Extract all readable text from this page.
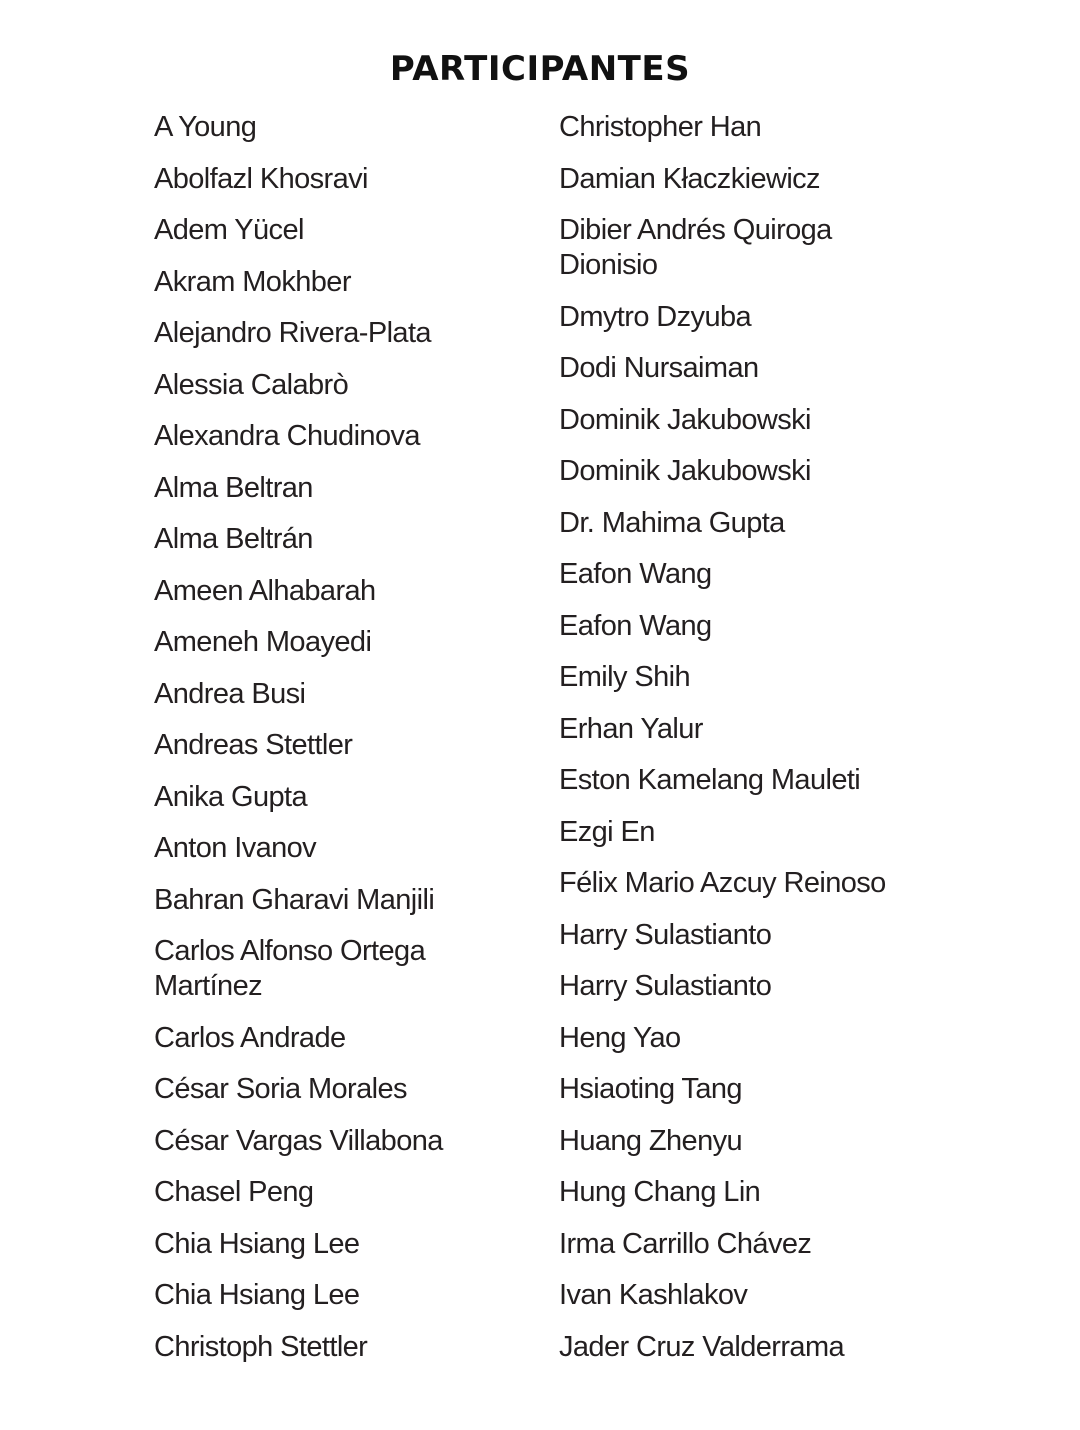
PARTICIPANTES
A Young
Abolfazl Khosravi
Adem Yücel
Akram Mokhber
Alejandro Rivera-Plata
Alessia Calabrò
Alexandra Chudinova
Alma Beltran
Alma Beltrán
Ameen Alhabarah
Ameneh Moayedi
Andrea Busi
Andreas Stettler
Anika Gupta
Anton Ivanov
Bahran Gharavi Manjili
Carlos Alfonso Ortega Martínez
Carlos Andrade
César Soria Morales
César Vargas Villabona
Chasel Peng
Chia Hsiang Lee
Chia Hsiang Lee
Christoph Stettler
Christopher Han
Damian Kłaczkiewicz
Dibier Andrés Quiroga Dionisio
Dmytro Dzyuba
Dodi Nursaiman
Dominik Jakubowski
Dominik Jakubowski
Dr. Mahima Gupta
Eafon Wang
Eafon Wang
Emily Shih
Erhan Yalur
Eston Kamelang Mauleti
Ezgi En
Félix Mario Azcuy Reinoso
Harry Sulastianto
Harry Sulastianto
Heng Yao
Hsiaoting Tang
Huang Zhenyu
Hung Chang Lin
Irma Carrillo Chávez
Ivan Kashlakov
Jader Cruz Valderrama
